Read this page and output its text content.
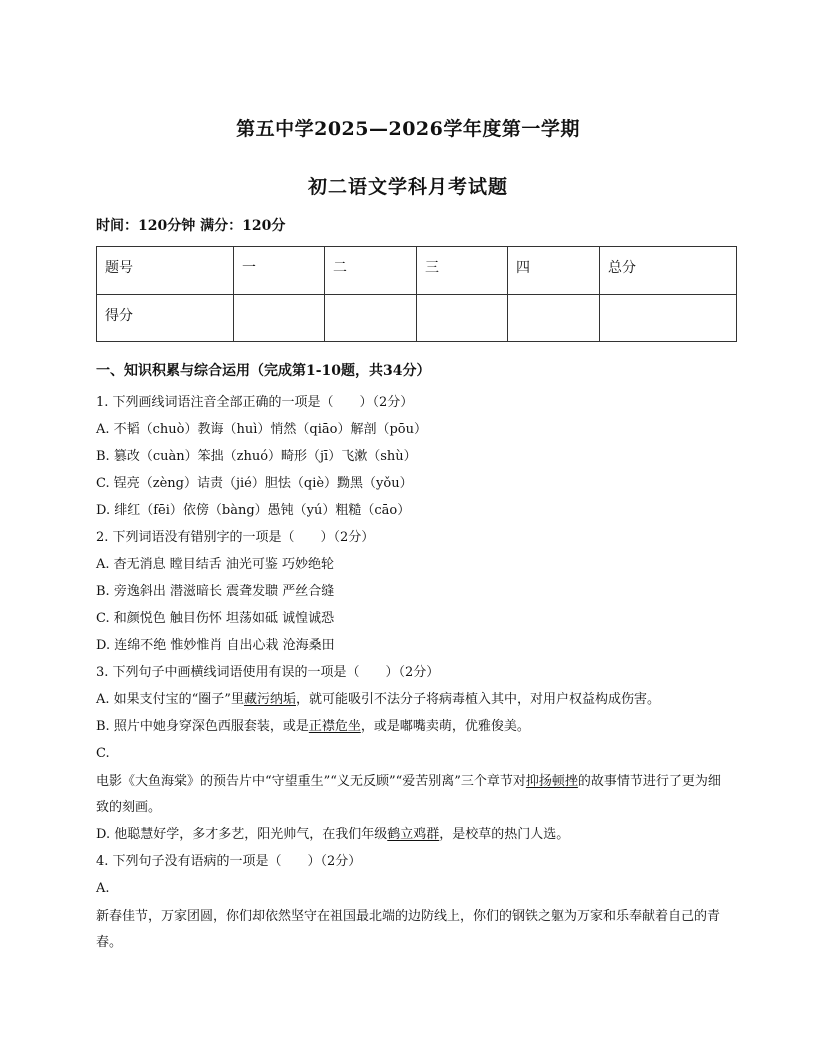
第五中学2025—2026学年度第一学期
初二语文学科月考试题
时间：120分钟 满分：120分
题号	一	二	三	四	总分
得分					
一、知识积累与综合运用（完成第1-10题，共34分）
1. 下列画线词语注音全部正确的一项是（　　）（2分）
A. 不韬（chuò）教诲（huì）悄然（qiāo）解剖（pōu）
B. 篡改（cuàn）笨拙（zhuó）畸形（jī）飞漱（shù）
C. 锃亮（zèng）诘责（jié）胆怯（qiè）黝黑（yǒu）
D. 绯红（fēi）依傍（bàng）愚钝（yú）粗糙（cāo）
2. 下列词语没有错别字的一项是（　　）（2分）
A. 杳无消息 瞠目结舌 油光可鉴 巧妙绝轮
B. 旁逸斜出 潜滋暗长 震聋发聩 严丝合缝
C. 和颜悦色 触目伤怀 坦荡如砥 诚惶诚恐
D. 连绵不绝 惟妙惟肖 自出心栽 沧海桑田
3. 下列句子中画横线词语使用有误的一项是（　　）（2分）
A. 如果支付宝的“圈子”里藏污纳垢，就可能吸引不法分子将病毒植入其中，对用户权益构成伤害。
B. 照片中她身穿深色西服套装，或是正襟危坐，或是嘟嘴卖萌，优雅俊美。
C.
电影《大鱼海棠》的预告片中“守望重生”“义无反顾”“爱苦别离”三个章节对抑扬顿挫的故事情节进行了更为细致的刻画。
D. 他聪慧好学，多才多艺，阳光帅气，在我们年级鹤立鸡群，是校草的热门人选。
4. 下列句子没有语病的一项是（　　）（2分）
A.
新春佳节，万家团圆，你们却依然坚守在祖国最北端的边防线上，你们的钢铁之躯为万家和乐奉献着自己的青春。
